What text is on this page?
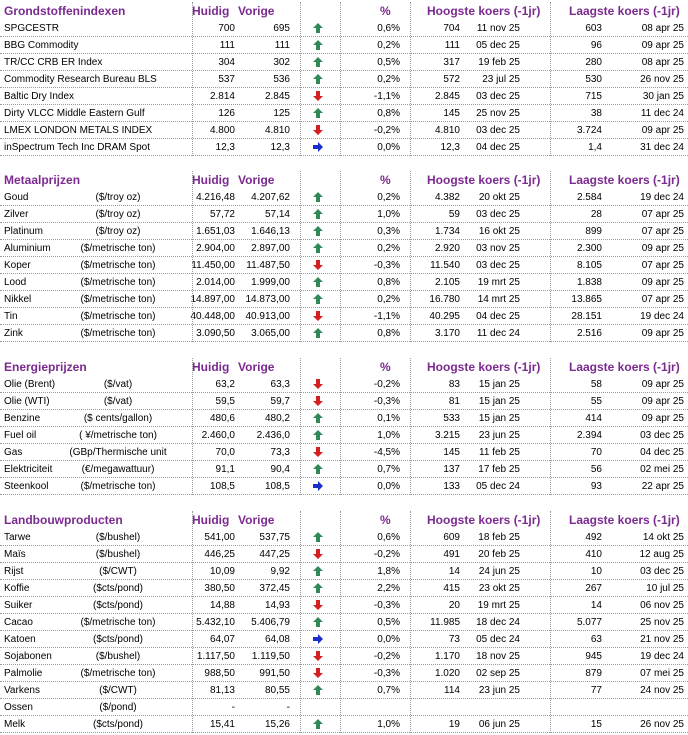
Grondstoffenindexen	Huidig Vorige	%	Hoogste koers (-1jr)	Laagste koers (-1jr)
SPGCESTR	700	695	0,6%	704	11 nov 25	603	08 apr 25
BBG Commodity	111	111	0,2%	111	05 dec 25	96	09 apr 25
TR/CC CRB ER Index	304	302	0,5%	317	19 feb 25	280	08 apr 25
Commodity Research Bureau BLS	537	536	0,2%	572	23 jul 25	530	26 nov 25
Baltic Dry Index	2.814	2.845	-1,1%	2.845	03 dec 25	715	30 jan 25
Dirty VLCC Middle Eastern Gulf	126	125	0,8%	145	25 nov 25	38	11 dec 24
LMEX LONDON METALS INDEX	4.800	4.810	-0,2%	4.810	03 dec 25	3.724	09 apr 25
inSpectrum Tech Inc DRAM Spot	12,3	12,3	0,0%	12,3	04 dec 25	1,4	31 dec 24
Metaalprijzen	Huidig Vorige	%	Hoogste koers (-1jr)	Laagste koers (-1jr)
Goud	($/troy oz)	4.216,48	4.207,62	0,2%	4.382	20 okt 25	2.584	19 dec 24
Zilver	($/troy oz)	57,72	57,14	1,0%	59	03 dec 25	28	07 apr 25
Platinum	($/troy oz)	1.651,03	1.646,13	0,3%	1.734	16 okt 25	899	07 apr 25
Aluminium	($/metrische ton)	2.904,00	2.897,00	0,2%	2.920	03 nov 25	2.300	09 apr 25
Koper	($/metrische ton)	11.450,00	11.487,50	-0,3%	11.540	03 dec 25	8.105	07 apr 25
Lood	($/metrische ton)	2.014,00	1.999,00	0,8%	2.105	19 mrt 25	1.838	09 apr 25
Nikkel	($/metrische ton)	14.897,00	14.873,00	0,2%	16.780	14 mrt 25	13.865	07 apr 25
Tin	($/metrische ton)	40.448,00	40.913,00	-1,1%	40.295	04 dec 25	28.151	19 dec 24
Zink	($/metrische ton)	3.090,50	3.065,00	0,8%	3.170	11 dec 24	2.516	09 apr 25
Energieprijzen	Huidig Vorige	%	Hoogste koers (-1jr)	Laagste koers (-1jr)
Olie (Brent)	($/vat)	63,2	63,3	-0,2%	83	15 jan 25	58	09 apr 25
Olie (WTI)	($/vat)	59,5	59,7	-0,3%	81	15 jan 25	55	09 apr 25
Benzine	($ cents/gallon)	480,6	480,2	0,1%	533	15 jan 25	414	09 apr 25
Fuel oil	( ¥/metrische ton)	2.460,0	2.436,0	1,0%	3.215	23 jun 25	2.394	03 dec 25
Gas	(GBp/Thermische unit	70,0	73,3	-4,5%	145	11 feb 25	70	04 dec 25
Elektriciteit	(€/megawattuur)	91,1	90,4	0,7%	137	17 feb 25	56	02 mei 25
Steenkool	($/metrische ton)	108,5	108,5	0,0%	133	05 dec 24	93	22 apr 25
Landbouwproducten	Huidig Vorige	%	Hoogste koers (-1jr)	Laagste koers (-1jr)
Tarwe	($/bushel)	541,00	537,75	0,6%	609	18 feb 25	492	14 okt 25
Maïs	($/bushel)	446,25	447,25	-0,2%	491	20 feb 25	410	12 aug 25
Rijst	($/CWT)	10,09	9,92	1,8%	14	24 jun 25	10	03 dec 25
Koffie	($cts/pond)	380,50	372,45	2,2%	415	23 okt 25	267	10 jul 25
Suiker	($cts/pond)	14,88	14,93	-0,3%	20	19 mrt 25	14	06 nov 25
Cacao	($/metrische ton)	5.432,10	5.406,79	0,5%	11.985	18 dec 24	5.077	25 nov 25
Katoen	($cts/pond)	64,07	64,08	0,0%	73	05 dec 24	63	21 nov 25
Sojabonen	($/bushel)	1.117,50	1.119,50	-0,2%	1.170	18 nov 25	945	19 dec 24
Palmolie	($/metrische ton)	988,50	991,50	-0,3%	1.020	02 sep 25	879	07 mei 25
Varkens	($/CWT)	81,13	80,55	0,7%	114	23 jun 25	77	24 nov 25
Ossen	($/pond)	-	-
Melk	($cts/pond)	15,41	15,26	1,0%	19	06 jun 25	15	26 nov 25
